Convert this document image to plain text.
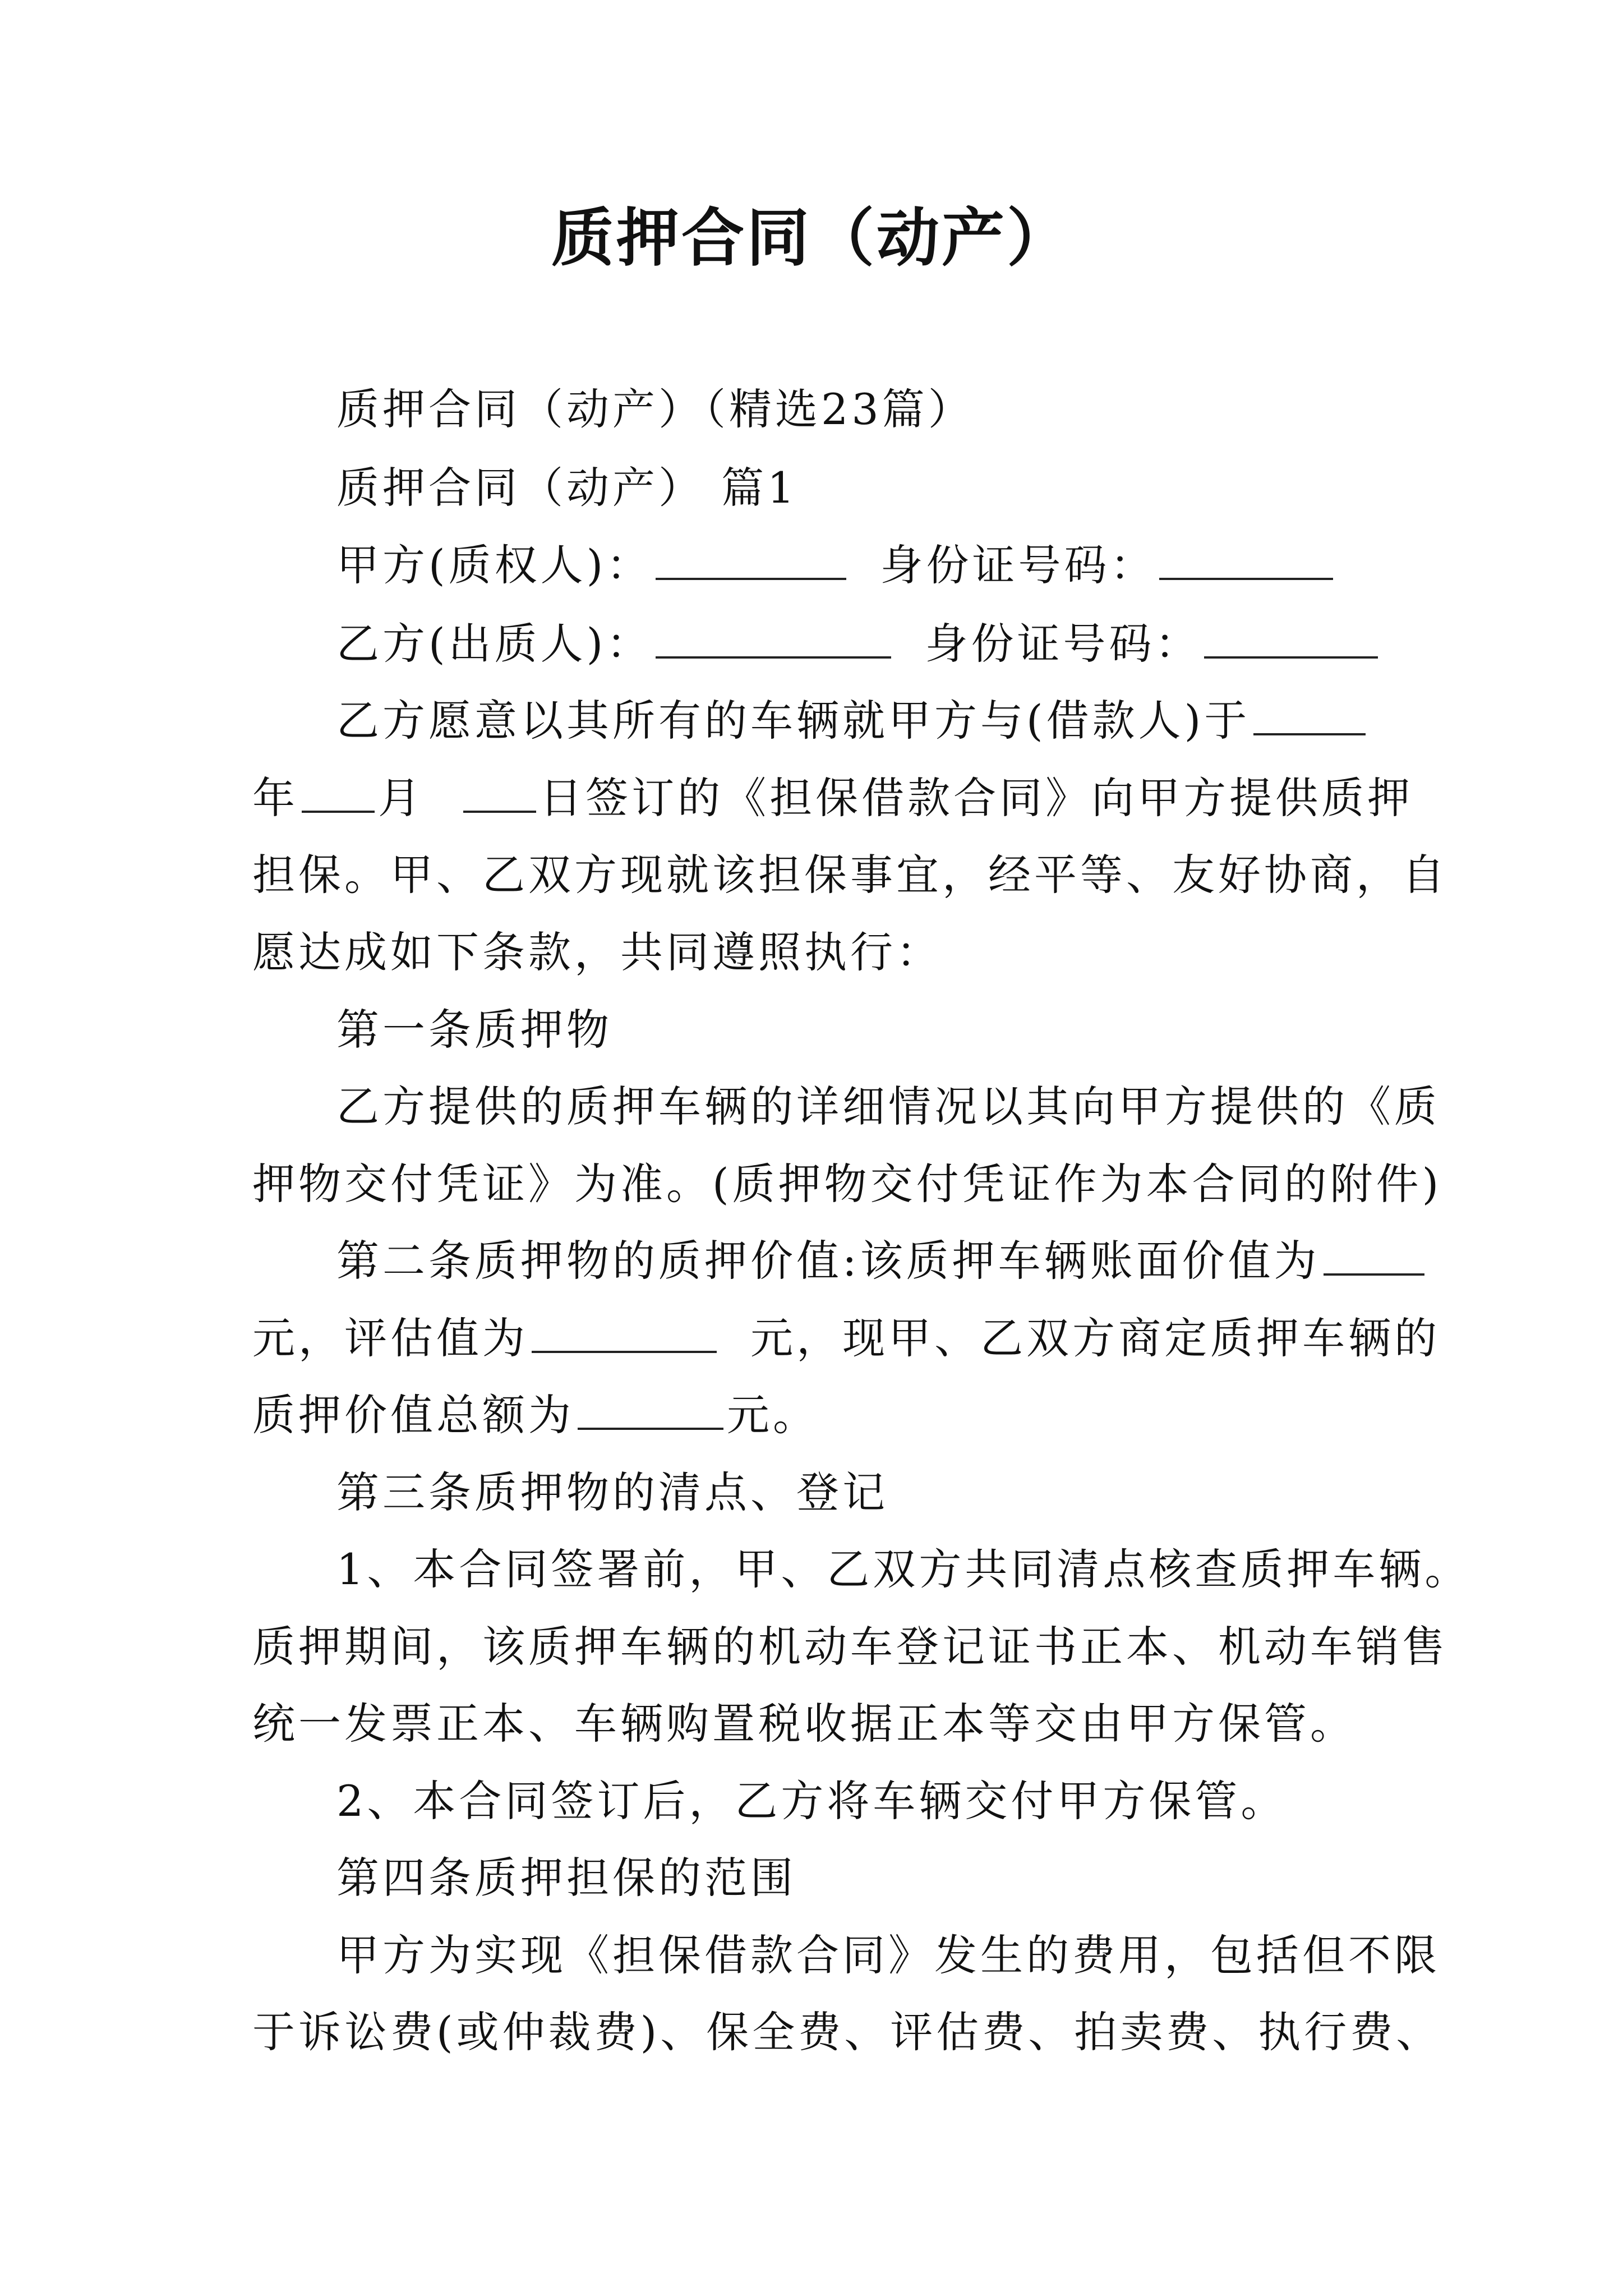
质押合同（动产）
质押合同（动产）（精选23篇）
质押合同（动产） 篇1
甲方(质权人)：	身份证号码：
乙方(出质人)：	身份证号码：
乙方愿意以其所有的车辆就甲方与(借款人)于
年 月	日签订的《担保借款合同》向甲方提供质押
担保。甲、乙双方现就该担保事宜，经平等、友好协商，自
愿达成如下条款，共同遵照执行：
第一条质押物
乙方提供的质押车辆的详细情况以其向甲方提供的《质
押物交付凭证》为准。(质押物交付凭证作为本合同的附件)
第二条质押物的质押价值:该质押车辆账面价值为
元，评估值为	元，现甲、乙双方商定质押车辆的
质押价值总额为	元。
第三条质押物的清点、登记
1、本合同签署前，甲、乙双方共同清点核查质押车辆。
质押期间，该质押车辆的机动车登记证书正本、机动车销售
统一发票正本、车辆购置税收据正本等交由甲方保管。
2、本合同签订后，乙方将车辆交付甲方保管。
第四条质押担保的范围
甲方为实现《担保借款合同》发生的费用，包括但不限
于诉讼费(或仲裁费)、保全费、评估费、拍卖费、执行费、
